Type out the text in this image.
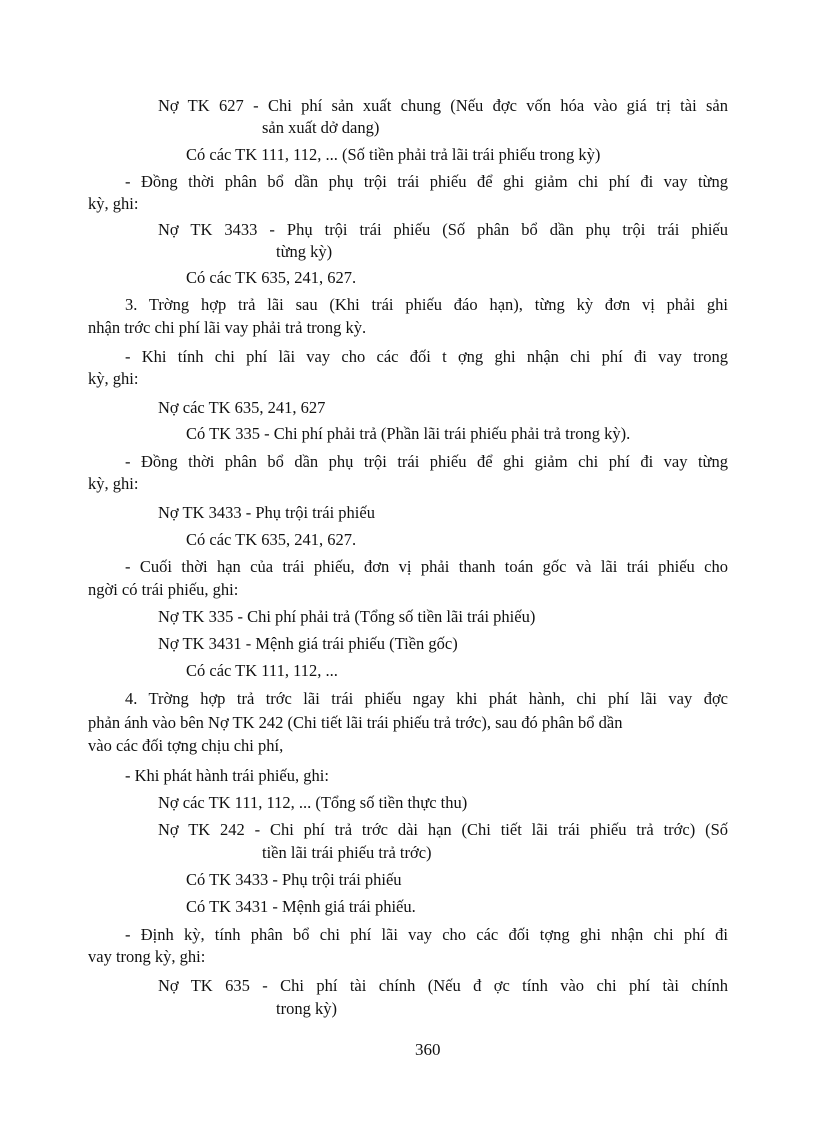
Nợ TK 627 - Chi phí sản xuất chung (Nếu đợc vốn hóa vào giá trị tài sản
sản xuất dở dang)
Có các TK 111, 112, ... (Số tiền phải trả lãi trái phiếu trong kỳ)
- Đồng thời phân bổ dần phụ trội trái phiếu để ghi giảm chi phí đi vay từng
kỳ, ghi:
Nợ TK 3433 - Phụ trội trái phiếu (Số phân bổ dần phụ trội trái phiếu
từng kỳ)
Có các TK 635, 241, 627.
3. Trờng hợp trả lãi sau (Khi trái phiếu đáo hạn), từng kỳ đơn vị phải ghi
nhận trớc chi phí lãi vay phải trả trong kỳ.
- Khi tính chi phí lãi vay cho các đối t ợng ghi nhận chi phí đi vay trong
kỳ, ghi:
Nợ các TK 635, 241, 627
Có TK 335 - Chi phí phải trả (Phần lãi trái phiếu phải trả trong kỳ).
- Đồng thời phân bổ dần phụ trội trái phiếu để ghi giảm chi phí đi vay từng
kỳ, ghi:
Nợ TK 3433 - Phụ trội trái phiếu
Có các TK 635, 241, 627.
- Cuối thời hạn của trái phiếu, đơn vị phải thanh toán gốc và lãi trái phiếu cho
ngời có trái phiếu, ghi:
Nợ TK 335 - Chi phí phải trả (Tổng số tiền lãi trái phiếu)
Nợ TK 3431 - Mệnh giá trái phiếu (Tiền gốc)
Có các TK 111, 112, ...
4. Trờng hợp trả trớc lãi trái phiếu ngay khi phát hành, chi phí lãi vay đợc
phản ánh vào bên Nợ TK 242 (Chi tiết lãi trái phiếu trả trớc), sau đó phân bổ dần
vào các đối tợng chịu chi phí,
- Khi phát hành trái phiếu, ghi:
Nợ các TK 111, 112, ... (Tổng số tiền thực thu)
Nợ TK 242 - Chi phí trả trớc dài hạn (Chi tiết lãi trái phiếu trả trớc) (Số
tiền lãi trái phiếu trả trớc)
Có TK 3433 - Phụ trội trái phiếu
Có TK 3431 - Mệnh giá trái phiếu.
- Định kỳ, tính phân bổ chi phí lãi vay cho các đối tợng ghi nhận chi phí đi
vay trong kỳ, ghi:
Nợ TK 635 - Chi phí tài chính (Nếu đ ợc tính vào chi phí tài chính
trong kỳ)
360
